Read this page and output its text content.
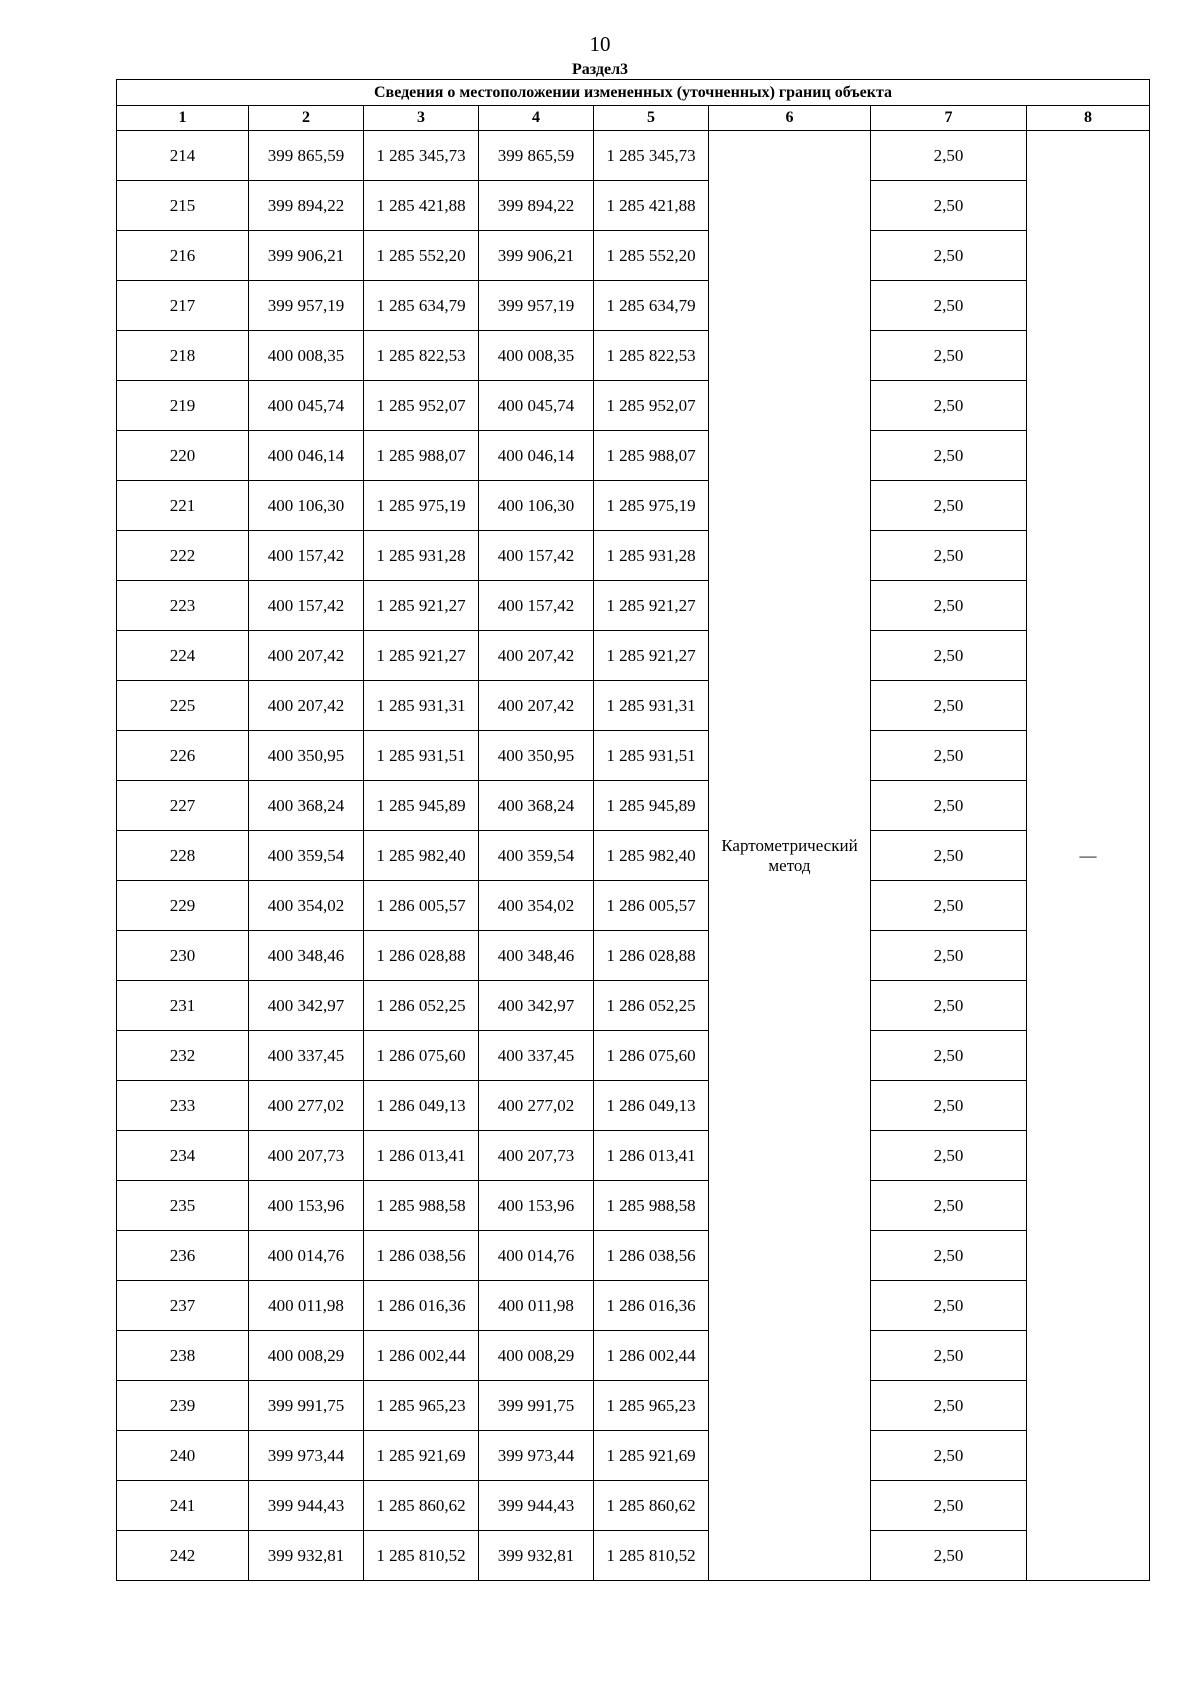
10
Раздел3
Сведения о местоположении измененных (уточненных) границ объекта							
1	2	3	4	5	6	7	8
214	399 865,59	1 285 345,73	399 865,59	1 285 345,73	Картометрический метод	2,50	—
215	399 894,22	1 285 421,88	399 894,22	1 285 421,88		2,50	
216	399 906,21	1 285 552,20	399 906,21	1 285 552,20		2,50	
217	399 957,19	1 285 634,79	399 957,19	1 285 634,79		2,50	
218	400 008,35	1 285 822,53	400 008,35	1 285 822,53		2,50	
219	400 045,74	1 285 952,07	400 045,74	1 285 952,07		2,50	
220	400 046,14	1 285 988,07	400 046,14	1 285 988,07		2,50	
221	400 106,30	1 285 975,19	400 106,30	1 285 975,19		2,50	
222	400 157,42	1 285 931,28	400 157,42	1 285 931,28		2,50	
223	400 157,42	1 285 921,27	400 157,42	1 285 921,27		2,50	
224	400 207,42	1 285 921,27	400 207,42	1 285 921,27		2,50	
225	400 207,42	1 285 931,31	400 207,42	1 285 931,31		2,50	
226	400 350,95	1 285 931,51	400 350,95	1 285 931,51		2,50	
227	400 368,24	1 285 945,89	400 368,24	1 285 945,89		2,50	
228	400 359,54	1 285 982,40	400 359,54	1 285 982,40		2,50	
229	400 354,02	1 286 005,57	400 354,02	1 286 005,57		2,50	
230	400 348,46	1 286 028,88	400 348,46	1 286 028,88		2,50	
231	400 342,97	1 286 052,25	400 342,97	1 286 052,25		2,50	
232	400 337,45	1 286 075,60	400 337,45	1 286 075,60		2,50	
233	400 277,02	1 286 049,13	400 277,02	1 286 049,13		2,50	
234	400 207,73	1 286 013,41	400 207,73	1 286 013,41		2,50	
235	400 153,96	1 285 988,58	400 153,96	1 285 988,58		2,50	
236	400 014,76	1 286 038,56	400 014,76	1 286 038,56		2,50	
237	400 011,98	1 286 016,36	400 011,98	1 286 016,36		2,50	
238	400 008,29	1 286 002,44	400 008,29	1 286 002,44		2,50	
239	399 991,75	1 285 965,23	399 991,75	1 285 965,23		2,50	
240	399 973,44	1 285 921,69	399 973,44	1 285 921,69		2,50	
241	399 944,43	1 285 860,62	399 944,43	1 285 860,62		2,50	
242	399 932,81	1 285 810,52	399 932,81	1 285 810,52		2,50	
